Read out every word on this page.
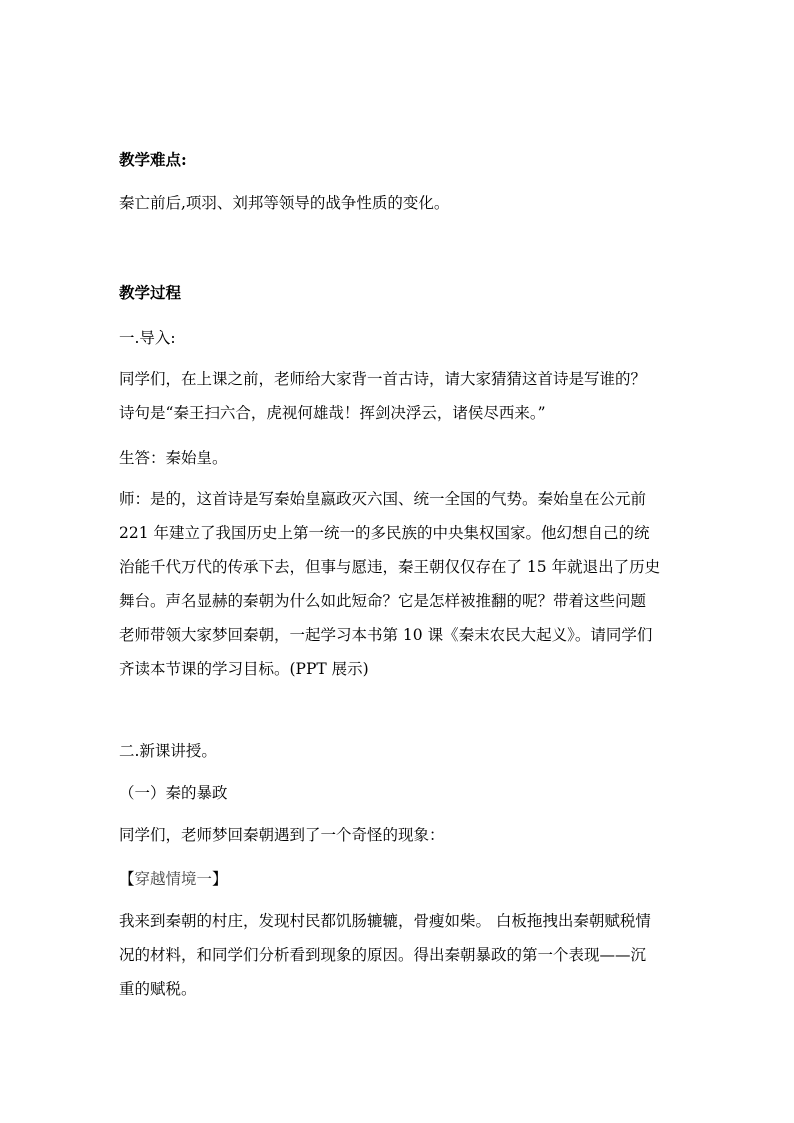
教学难点:

秦亡前后,项羽、刘邦等领导的战争性质的变化。

教学过程

一.导入:

同学们，在上课之前，老师给大家背一首古诗，请大家猜猜这首诗是写谁的？
诗句是“秦王扫六合，虎视何雄哉！挥剑决浮云，诸侯尽西来。”

生答：秦始皇。

师：是的，这首诗是写秦始皇嬴政灭六国、统一全国的气势。秦始皇在公元前
221 年建立了我国历史上第一统一的多民族的中央集权国家。他幻想自己的统
治能千代万代的传承下去，但事与愿违，秦王朝仅仅存在了 15 年就退出了历史
舞台。声名显赫的秦朝为什么如此短命？它是怎样被推翻的呢？带着这些问题
老师带领大家梦回秦朝，一起学习本书第 10 课《秦末农民大起义》。请同学们
齐读本节课的学习目标。(PPT 展示)

二.新课讲授。

（一）秦的暴政

同学们，老师梦回秦朝遇到了一个奇怪的现象：

【穿越情境一】

我来到秦朝的村庄，发现村民都饥肠辘辘，骨瘦如柴。 白板拖拽出秦朝赋税情
况的材料，和同学们分析看到现象的原因。得出秦朝暴政的第一个表现——沉
重的赋税。
